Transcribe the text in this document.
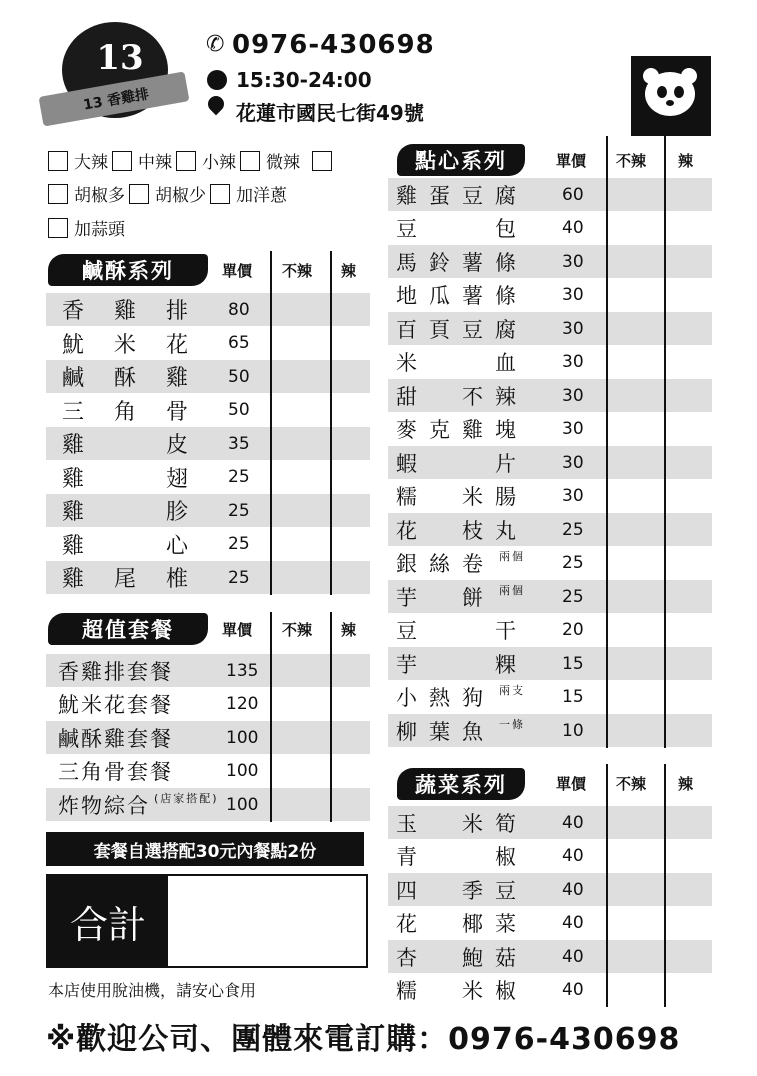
13
13 香雞排
✆ 0976-430698
15:30-24:00
花蓮市國民七街49號
大辣 中辣 小辣 微辣
胡椒多 胡椒少 加洋蔥
加蒜頭
鹹酥系列	單價 不辣 辣
香雞排 80
魷米花 65
鹹酥雞 50
三角骨 50
雞　皮 35
雞　翅 25
雞　胗 25
雞　心 25
雞尾椎 25
超值套餐	單價 不辣 辣
香雞排套餐	135
魷米花套餐	120
鹹酥雞套餐	100
三角骨套餐	100
炸物綜合 (店家搭配) 100
點心系列	單價 不辣 辣
雞蛋豆腐 60
豆　　包 40
馬鈴薯條 30
地瓜薯條 30
百頁豆腐 30
米　　血 30
甜　不辣 30
麥克雞塊 30
蝦　　片 30
糯　米腸 30
花　枝丸 25
銀絲卷 兩個 25
芋　餅 兩個 25
豆　　干 20
芋　　粿 15
小熱狗 兩支 15
柳葉魚 一條 10
蔬菜系列	單價 不辣 辣
玉　米筍 40
青　　椒 40
四　季豆 40
花　椰菜 40
杏　鮑菇 40
糯　米椒 40
套餐自選搭配30元內餐點2份
合計
本店使用脫油機，請安心食用
※歡迎公司、團體來電訂購：0976-430698
